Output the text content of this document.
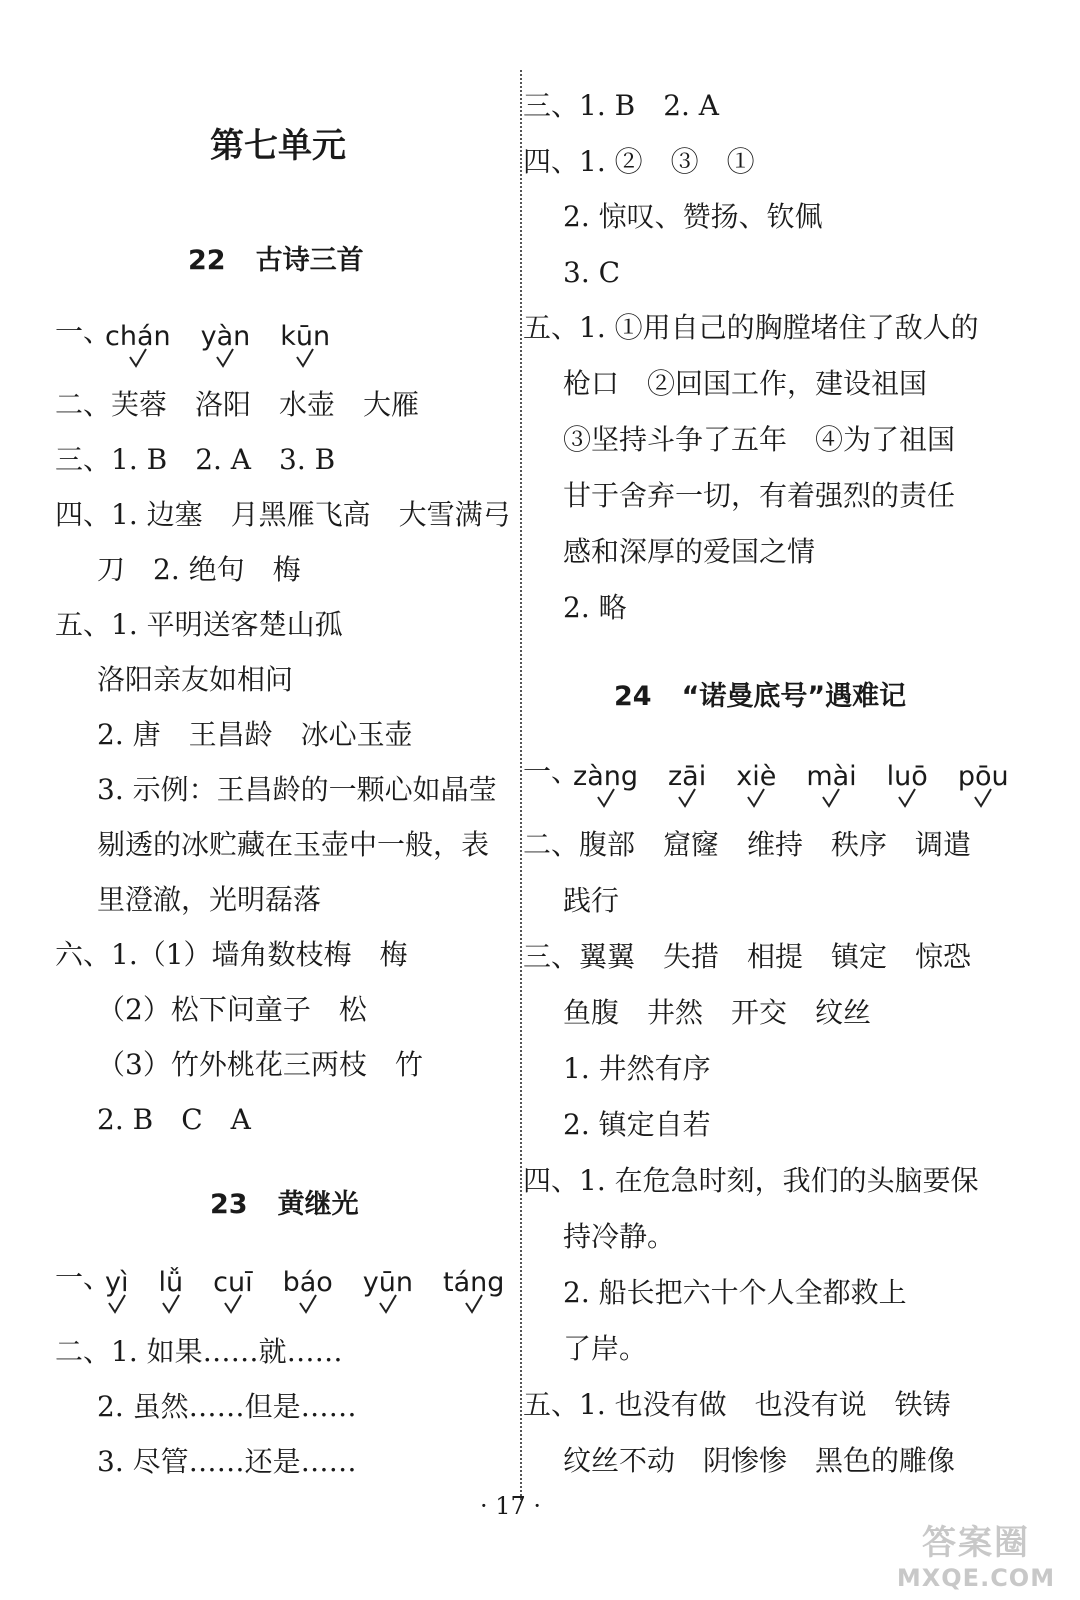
第七单元
22 古诗三首
一、
chán yàn kūn
二、芙蓉　洛阳　水壶　大雁
三、1. B　2. A　3. B
四、1. 边塞　月黑雁飞高　大雪满弓
刀　2. 绝句　梅
五、1. 平明送客楚山孤
洛阳亲友如相问
2. 唐　王昌龄　冰心玉壶
3. 示例：王昌龄的一颗心如晶莹
剔透的冰贮藏在玉壶中一般，表
里澄澈，光明磊落
六、1.（1）墙角数枝梅　梅
（2）松下问童子　松
（3）竹外桃花三两枝　竹
2. B　C　A
23 黄继光
一、
yì lǚ cuī báo yūn táng
二、1. 如果……就……
2. 虽然……但是……
3. 尽管……还是……
三、1. B　2. A
四、1. ②　③　①
2. 惊叹、赞扬、钦佩
3. C
五、1. ①用自己的胸膛堵住了敌人的
枪口　②回国工作，建设祖国
③坚持斗争了五年　④为了祖国
甘于舍弃一切，有着强烈的责任
感和深厚的爱国之情
2. 略
24 “诺曼底号”遇难记
一、
zàng zāi xiè mài luō pōu
二、腹部　窟窿　维持　秩序　调遣
践行
三、翼翼　失措　相提　镇定　惊恐
鱼腹　井然　开交　纹丝
1. 井然有序
2. 镇定自若
四、1. 在危急时刻，我们的头脑要保
持冷静。
2. 船长把六十个人全都救上
了岸。
五、1. 也没有做　也没有说　铁铸
纹丝不动　阴惨惨　黑色的雕像
· 17 ·
答案圈
MXQE.COM
